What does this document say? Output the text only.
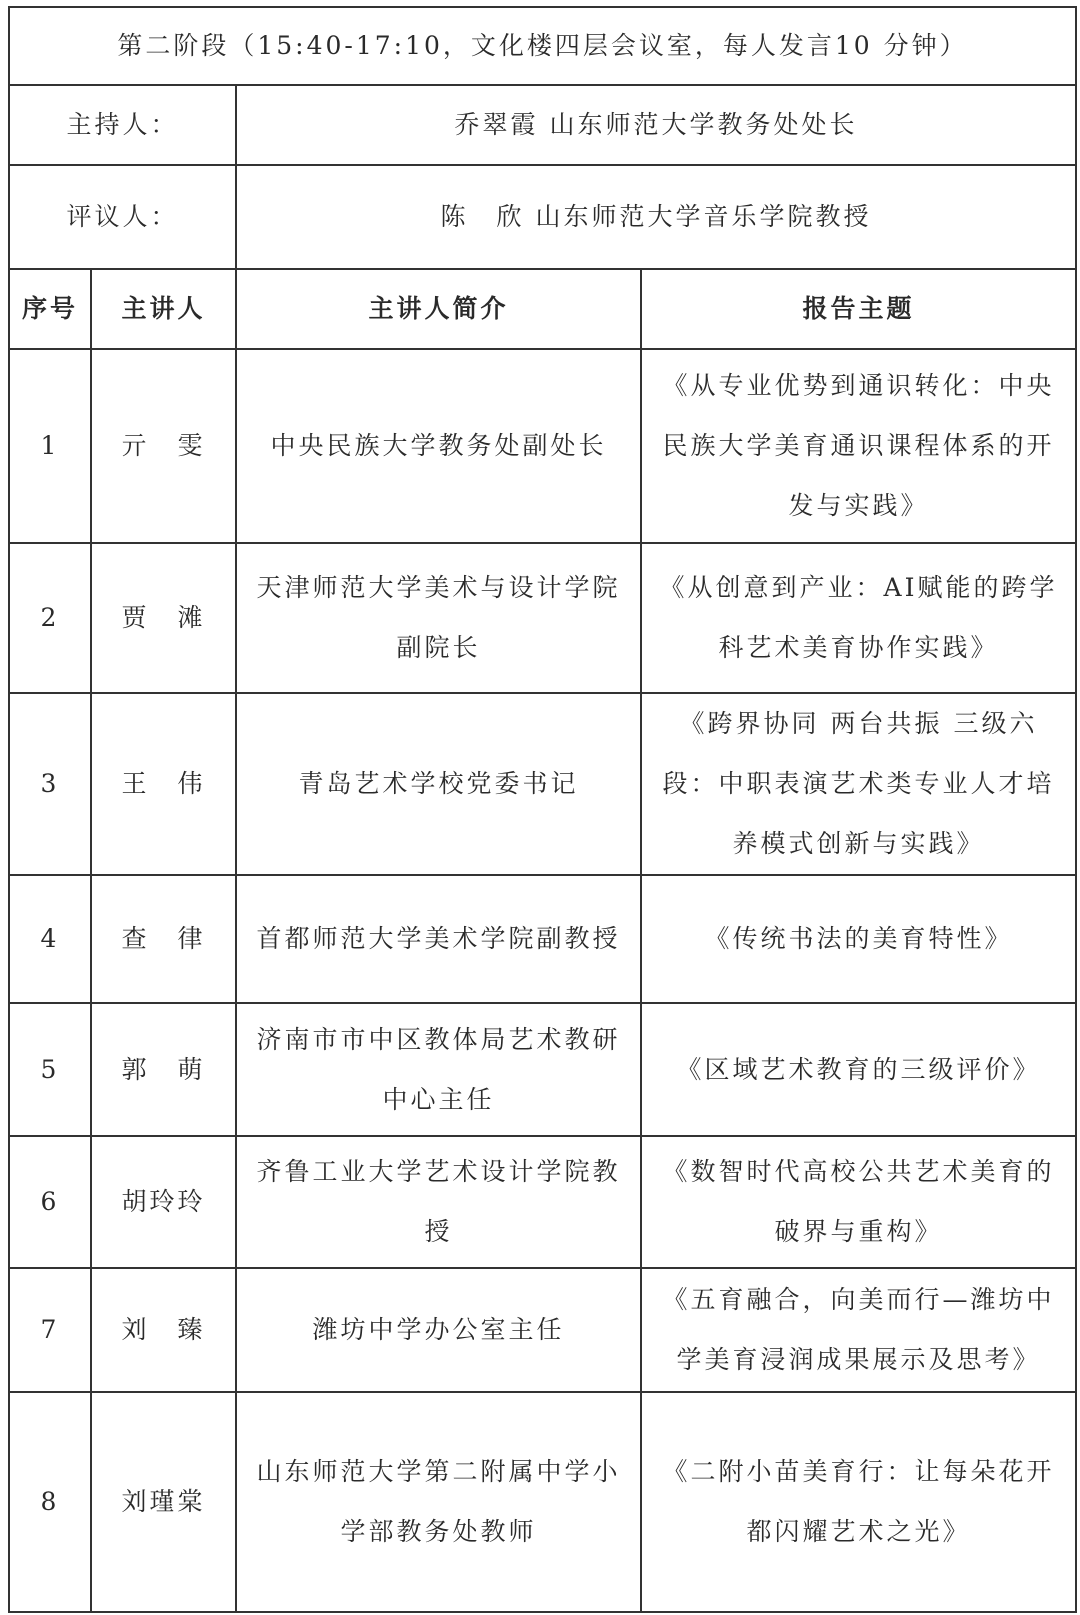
第二阶段（15:40-17:10，文化楼四层会议室，每人发言10 分钟）			
主持人：		乔翠霞 山东师范大学教务处处长	
评议人：		陈　欣 山东师范大学音乐学院教授	
序号	主讲人	主讲人简介	报告主题
1	亓　雯	中央民族大学教务处副处长	《从专业优势到通识转化：中央民族大学美育通识课程体系的开发与实践》
2	贾　滩	天津师范大学美术与设计学院副院长	《从创意到产业：AI赋能的跨学科艺术美育协作实践》
3	王　伟	青岛艺术学校党委书记	《跨界协同 两台共振 三级六段：中职表演艺术类专业人才培养模式创新与实践》
4	查　律	首都师范大学美术学院副教授	《传统书法的美育特性》
5	郭　萌	济南市市中区教体局艺术教研中心主任	《区域艺术教育的三级评价》
6	胡玲玲	齐鲁工业大学艺术设计学院教授	《数智时代高校公共艺术美育的破界与重构》
7	刘　臻	潍坊中学办公室主任	《五育融合，向美而行—潍坊中学美育浸润成果展示及思考》
8	刘瑾棠	山东师范大学第二附属中学小学部教务处教师	《二附小苗美育行：让每朵花开都闪耀艺术之光》
